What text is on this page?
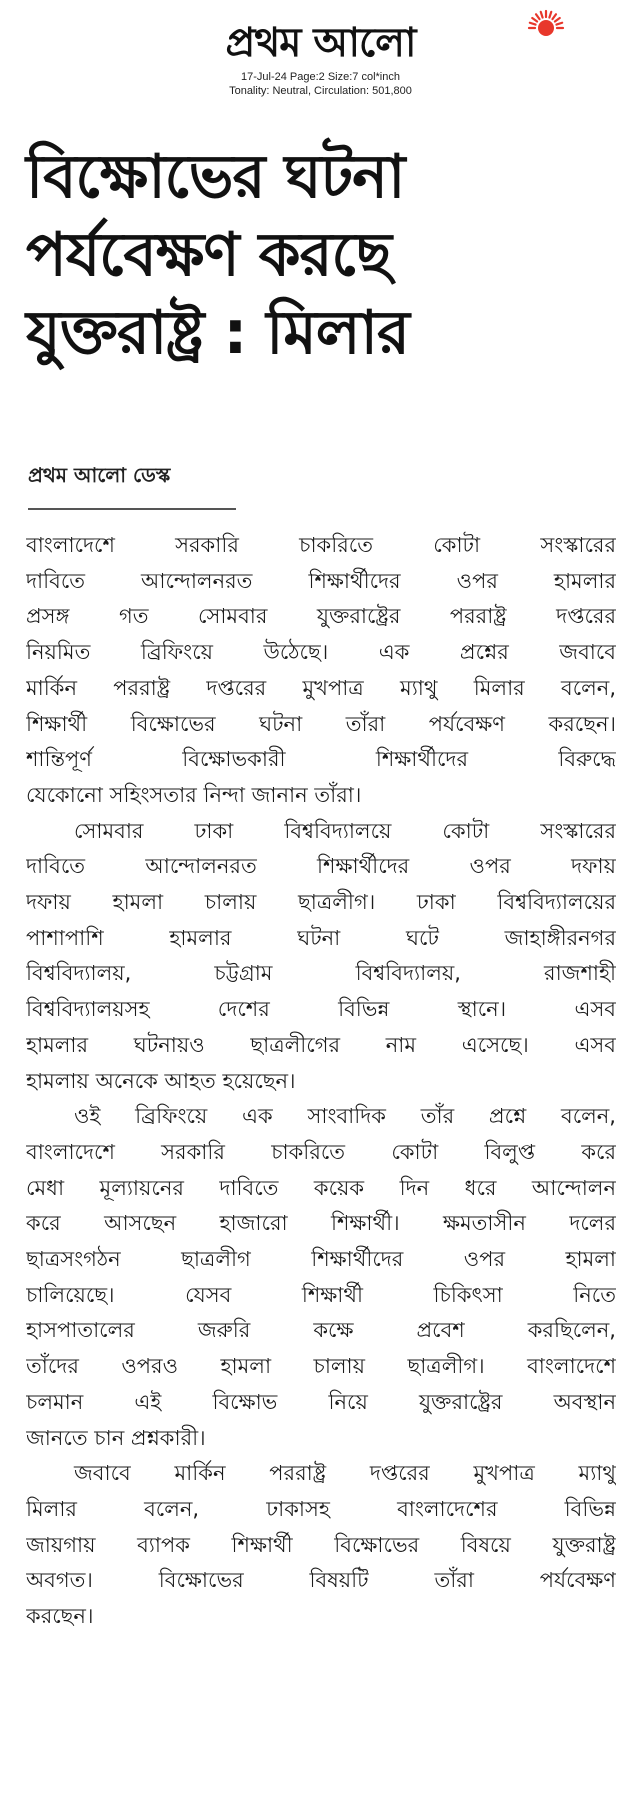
প্রথম আলো
17-Jul-24 Page:2 Size:7 col*inch
Tonality: Neutral, Circulation: 501,800
বিক্ষোভের ঘটনা
পর্যবেক্ষণ করছে
যুক্তরাষ্ট্র : মিলার
প্রথম আলো ডেস্ক

বাংলাদেশে সরকারি চাকরিতে কোটা সংস্কারের
দাবিতে আন্দোলনরত শিক্ষার্থীদের ওপর হামলার
প্রসঙ্গ গত সোমবার যুক্তরাষ্ট্রের পররাষ্ট্র দপ্তরের
নিয়মিত ব্রিফিংয়ে উঠেছে। এক প্রশ্নের জবাবে
মার্কিন পররাষ্ট্র দপ্তরের মুখপাত্র ম্যাথু মিলার বলেন,
শিক্ষার্থী বিক্ষোভের ঘটনা তাঁরা পর্যবেক্ষণ করছেন।
শান্তিপূর্ণ বিক্ষোভকারী শিক্ষার্থীদের বিরুদ্ধে
যেকোনো সহিংসতার নিন্দা জানান তাঁরা।

সোমবার ঢাকা বিশ্ববিদ্যালয়ে কোটা সংস্কারের
দাবিতে আন্দোলনরত শিক্ষার্থীদের ওপর দফায়
দফায় হামলা চালায় ছাত্রলীগ। ঢাকা বিশ্ববিদ্যালয়ের
পাশাপাশি হামলার ঘটনা ঘটে জাহাঙ্গীরনগর
বিশ্ববিদ্যালয়, চট্টগ্রাম বিশ্ববিদ্যালয়, রাজশাহী
বিশ্ববিদ্যালয়সহ দেশের বিভিন্ন স্থানে। এসব
হামলার ঘটনায়ও ছাত্রলীগের নাম এসেছে। এসব
হামলায় অনেকে আহত হয়েছেন।

ওই ব্রিফিংয়ে এক সাংবাদিক তাঁর প্রশ্নে বলেন,
বাংলাদেশে সরকারি চাকরিতে কোটা বিলুপ্ত করে
মেধা মূল্যায়নের দাবিতে কয়েক দিন ধরে আন্দোলন
করে আসছেন হাজারো শিক্ষার্থী। ক্ষমতাসীন দলের
ছাত্রসংগঠন ছাত্রলীগ শিক্ষার্থীদের ওপর হামলা
চালিয়েছে। যেসব শিক্ষার্থী চিকিৎসা নিতে
হাসপাতালের জরুরি কক্ষে প্রবেশ করছিলেন,
তাঁদের ওপরও হামলা চালায় ছাত্রলীগ। বাংলাদেশে
চলমান এই বিক্ষোভ নিয়ে যুক্তরাষ্ট্রের অবস্থান
জানতে চান প্রশ্নকারী।

জবাবে মার্কিন পররাষ্ট্র দপ্তরের মুখপাত্র ম্যাথু
মিলার বলেন, ঢাকাসহ বাংলাদেশের বিভিন্ন
জায়গায় ব্যাপক শিক্ষার্থী বিক্ষোভের বিষয়ে যুক্তরাষ্ট্র
অবগত। বিক্ষোভের বিষয়টি তাঁরা পর্যবেক্ষণ
করছেন।
